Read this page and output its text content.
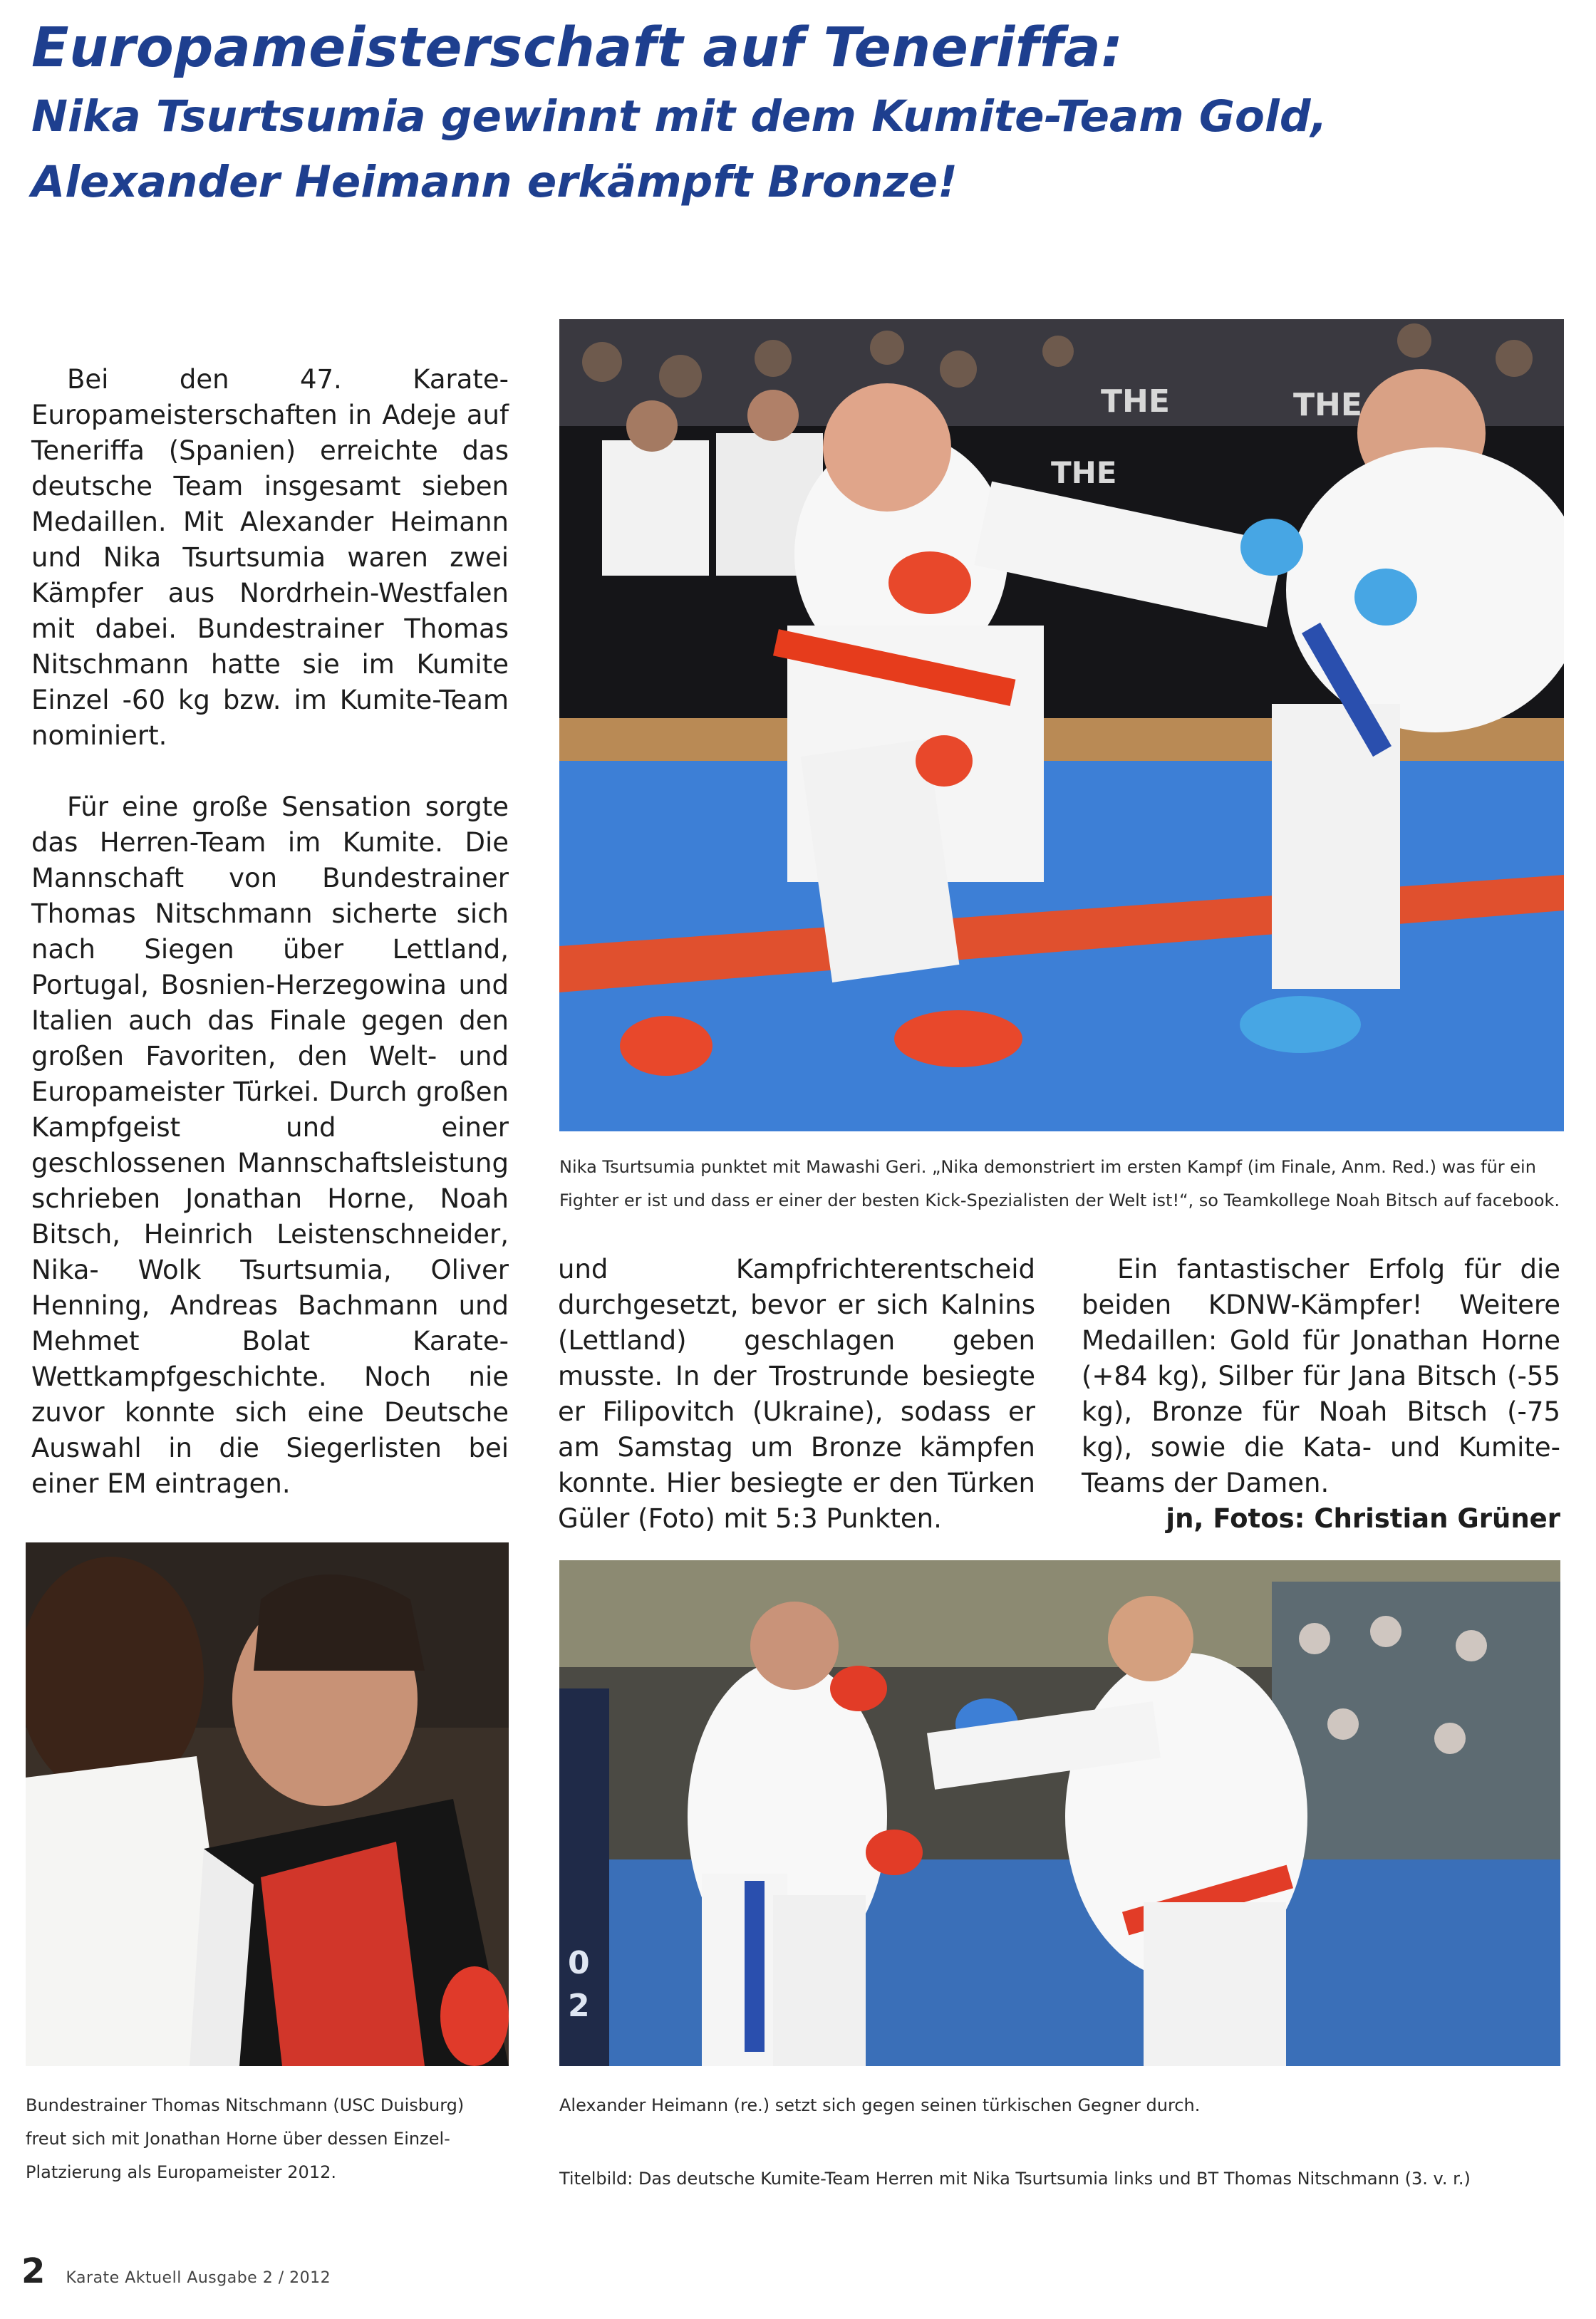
Europameisterschaft auf Teneriffa:
Nika Tsurtsumia gewinnt mit dem Kumite-Team Gold,
Alexander Heimann erkämpft Bronze!

Bei den 47. Karate-Europameisterschaften in Adeje auf Teneriffa (Spanien) erreichte das deutsche Team insgesamt sieben Medaillen. Mit Alexander Heimann und Nika Tsurtsumia waren zwei Kämpfer aus Nordrhein-Westfalen mit dabei. Bundestrainer Thomas Nitschmann hatte sie im Kumite Einzel -60 kg bzw. im Kumite-Team nominiert.

Für eine große Sensation sorgte das Herren-Team im Kumite. Die Mannschaft von Bundestrainer Thomas Nitschmann sicherte sich nach Siegen über Lettland, Portugal, Bosnien-Herzegowina und Italien auch das Finale gegen den großen Favoriten, den Welt- und Europameister Türkei. Durch großen Kampfgeist und einer geschlossenen Mannschaftsleistung schrieben Jonathan Horne, Noah Bitsch, Heinrich Leistenschneider, Nika- Wolk Tsurtsumia, Oliver Henning, Andreas Bachmann und Mehmet Bolat Karate- Wettkampfgeschichte. Noch nie zuvor konnte sich eine Deutsche Auswahl in die Siegerlisten bei einer EM eintragen.

und Kampfrichterentscheid durchgesetzt, bevor er sich Kalnins (Lettland) geschlagen geben musste. In der Trostrunde besiegte er Filipovitch (Ukraine), sodass er am Samstag um Bronze kämpfen konnte. Hier besiegte er den Türken Güler (Foto) mit 5:3 Punkten.

Ein fantastischer Erfolg für die beiden KDNW-Kämpfer! Weitere Medaillen: Gold für Jonathan Horne (+84 kg), Silber für Jana Bitsch (-55 kg), Bronze für Noah Bitsch (-75 kg), sowie die Kata- und Kumite-Teams der Damen.

jn, Fotos: Christian Grüner
THE	THE
THE

Nika Tsurtsumia punktet mit Mawashi Geri. „Nika demonstriert im ersten Kampf (im Finale, Anm. Red.) was für ein Fighter er ist und dass er einer der besten Kick-Spezialisten der Welt ist!“, so Teamkollege Noah Bitsch auf facebook.

Bundestrainer Thomas Nitschmann (USC Duisburg) freut sich mit Jonathan Horne über dessen Einzel-Platzierung als Europameister 2012.

0
2

Alexander Heimann (re.) setzt sich gegen seinen türkischen Gegner durch.

Titelbild: Das deutsche Kumite-Team Herren mit Nika Tsurtsumia links und BT Thomas Nitschmann (3. v. r.)

2 Karate Aktuell Ausgabe 2 / 2012
